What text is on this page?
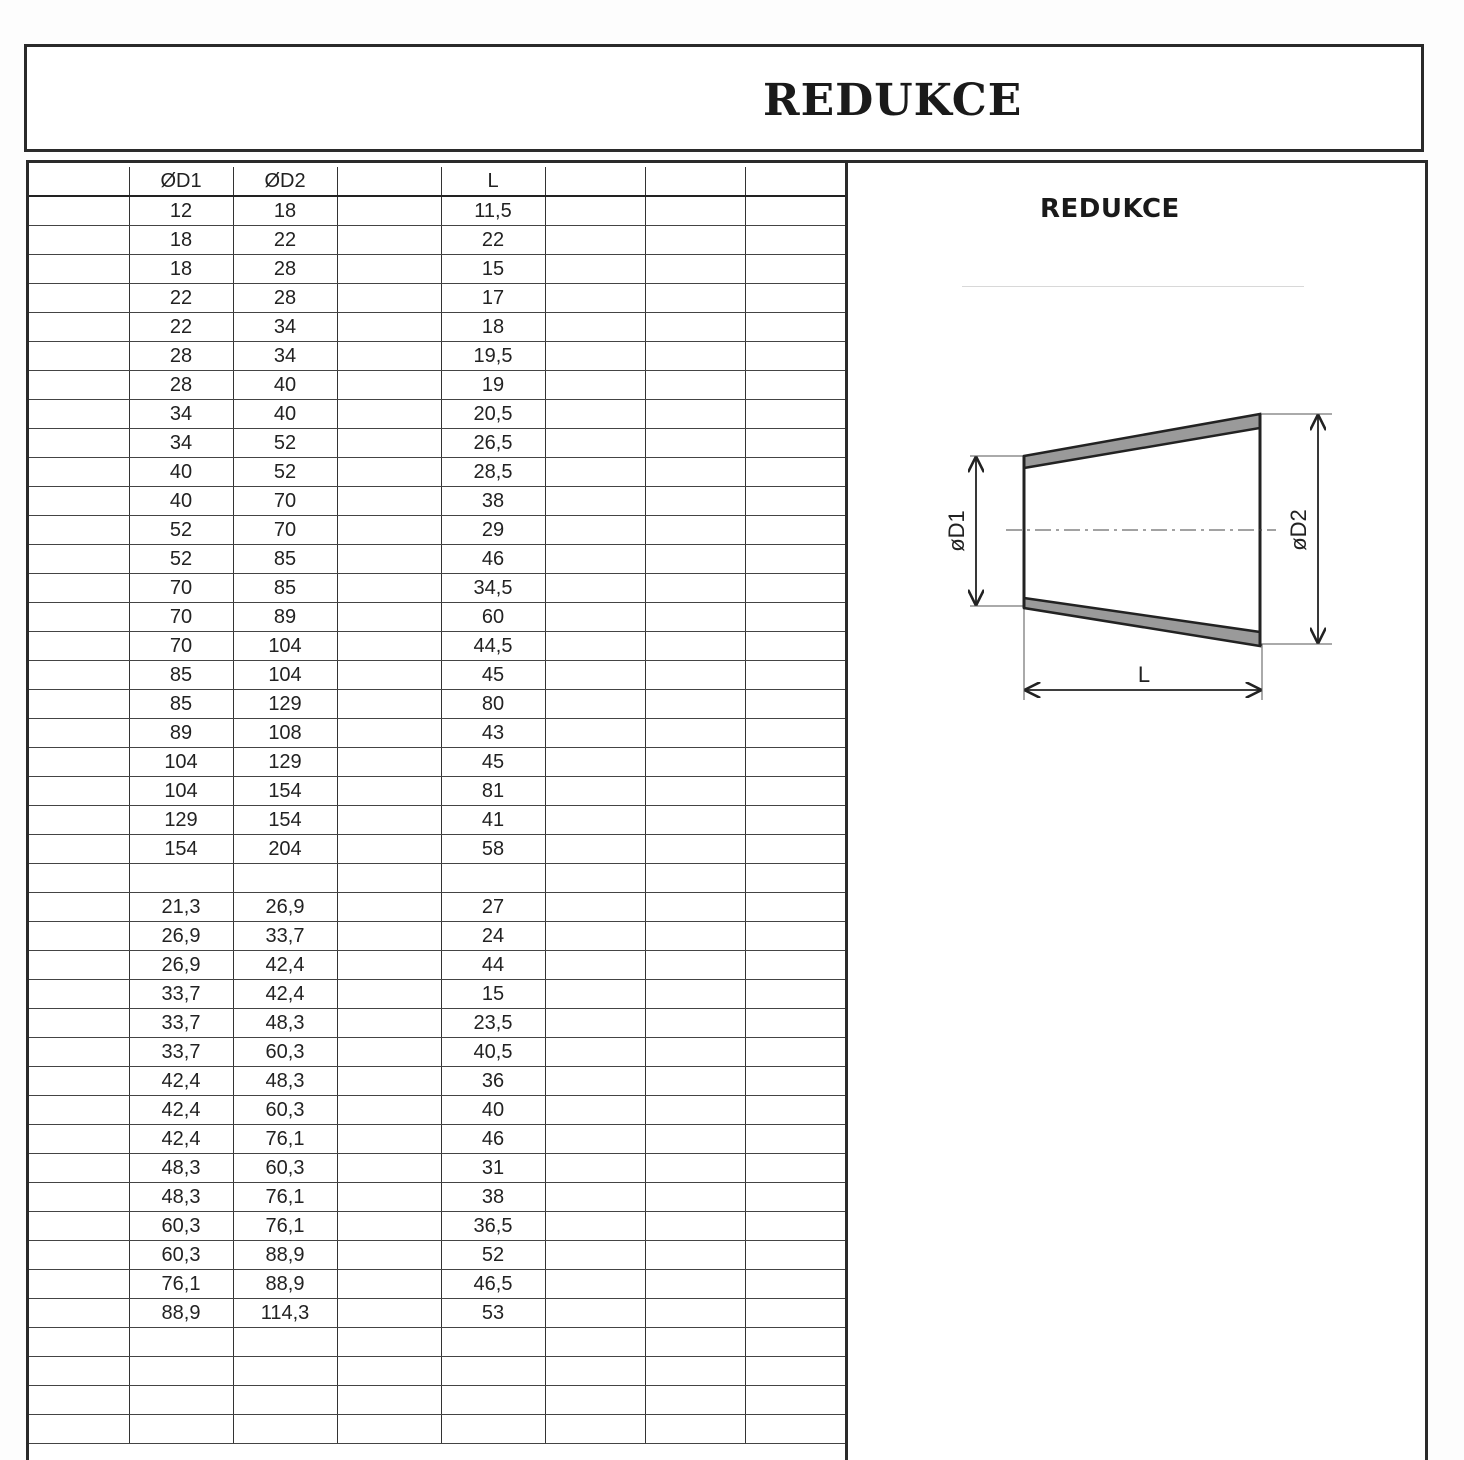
REDUKCE
	ØD1	ØD2		L			
	12	18		11,5			
	18	22		22			
	18	28		15			
	22	28		17			
	22	34		18			
	28	34		19,5			
	28	40		19			
	34	40		20,5			
	34	52		26,5			
	40	52		28,5			
	40	70		38			
	52	70		29			
	52	85		46			
	70	85		34,5			
	70	89		60			
	70	104		44,5			
	85	104		45			
	85	129		80			
	89	108		43			
	104	129		45			
	104	154		81			
	129	154		41			
	154	204		58			

	21,3	26,9		27			
	26,9	33,7		24			
	26,9	42,4		44			
	33,7	42,4		15			
	33,7	48,3		23,5			
	33,7	60,3		40,5			
	42,4	48,3		36			
	42,4	60,3		40			
	42,4	76,1		46			
	48,3	60,3		31			
	48,3	76,1		38			
	60,3	76,1		36,5			
	60,3	88,9		52			
	76,1	88,9		46,5			
	88,9	114,3		53			

REDUKCE
øD1	øD2
L
